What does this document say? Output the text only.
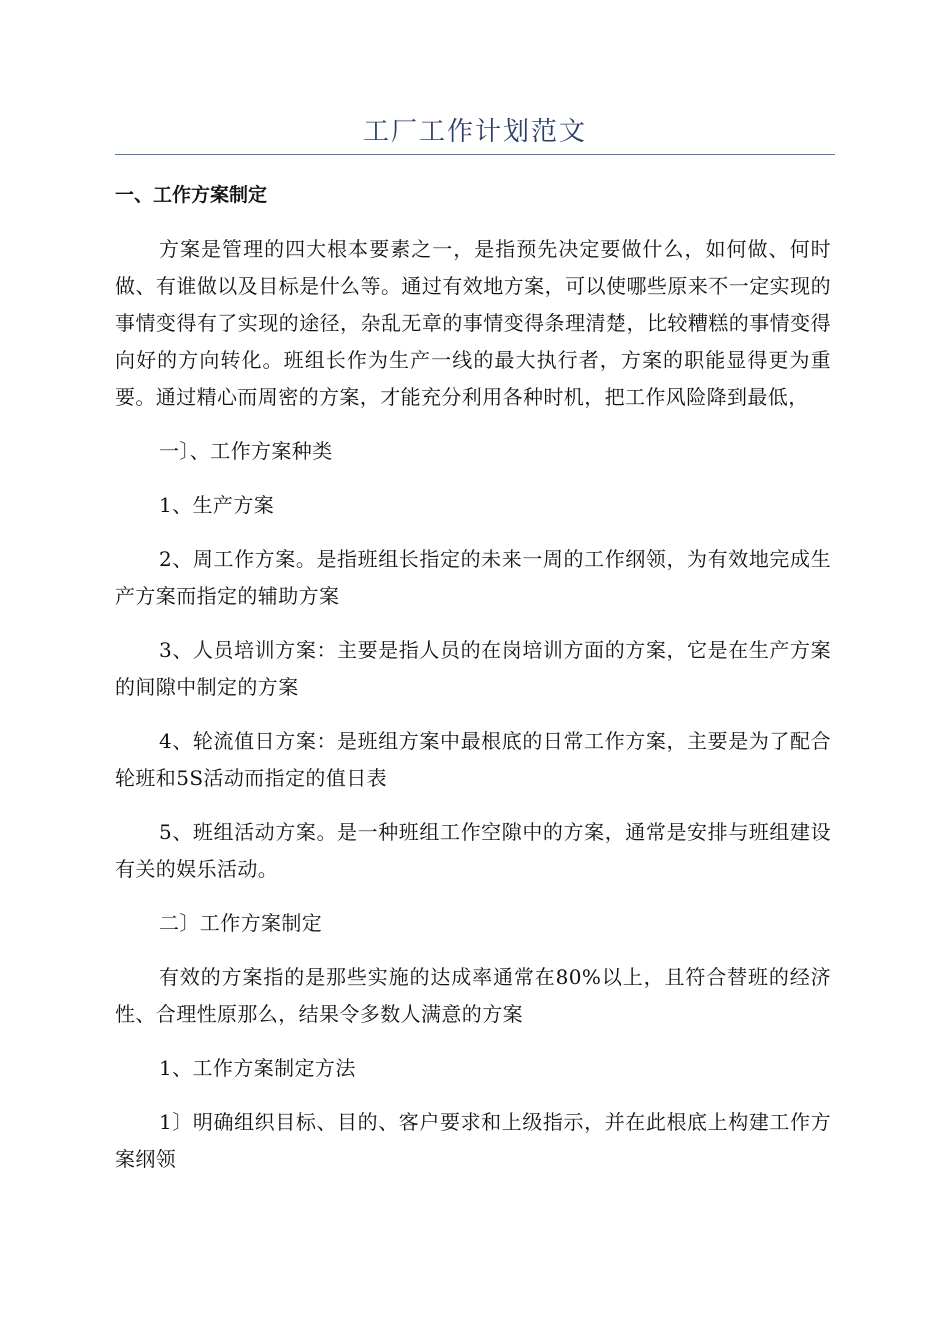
工厂工作计划范文
一、工作方案制定

方案是管理的四大根本要素之一，是指预先决定要做什么，如何做、何时做、有谁做以及目标是什么等。通过有效地方案，可以使哪些原来不一定实现的事情变得有了实现的途径，杂乱无章的事情变得条理清楚，比较糟糕的事情变得向好的方向转化。班组长作为生产一线的最大执行者，方案的职能显得更为重要。通过精心而周密的方案，才能充分利用各种时机，把工作风险降到最低，

一〕、工作方案种类

1、生产方案

2、周工作方案。是指班组长指定的未来一周的工作纲领，为有效地完成生产方案而指定的辅助方案

3、人员培训方案：主要是指人员的在岗培训方面的方案，它是在生产方案的间隙中制定的方案

4、轮流值日方案：是班组方案中最根底的日常工作方案，主要是为了配合轮班和5S活动而指定的值日表

5、班组活动方案。是一种班组工作空隙中的方案，通常是安排与班组建设有关的娱乐活动。

二〕工作方案制定

有效的方案指的是那些实施的达成率通常在80%以上，且符合替班的经济性、合理性原那么，结果令多数人满意的方案

1、工作方案制定方法

1〕明确组织目标、目的、客户要求和上级指示，并在此根底上构建工作方案纲领
